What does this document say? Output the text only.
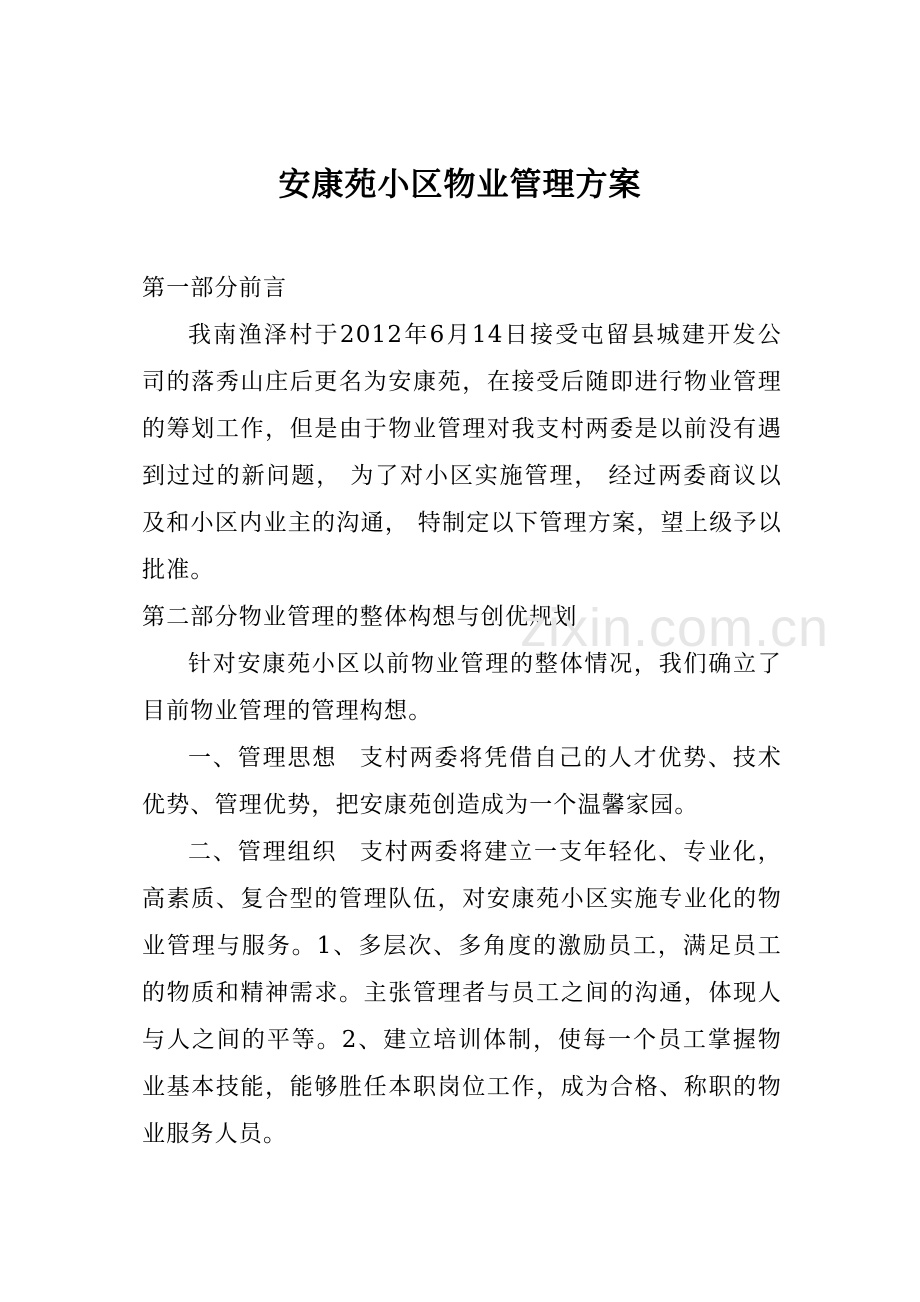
安康苑小区物业管理方案

第一部分前言

我南渔泽村于2012年6月14日接受屯留县城建开发公司的落秀山庄后更名为安康苑，在接受后随即进行物业管理的筹划工作，但是由于物业管理对我支村两委是以前没有遇到过过的新问题， 为了对小区实施管理， 经过两委商议以及和小区内业主的沟通， 特制定以下管理方案，望上级予以批准。

第二部分物业管理的整体构想与创优规划

针对安康苑小区以前物业管理的整体情况，我们确立了目前物业管理的管理构想。

一、管理思想 支村两委将凭借自己的人才优势、技术优势、管理优势，把安康苑创造成为一个温馨家园。

二、管理组织 支村两委将建立一支年轻化、专业化，高素质、复合型的管理队伍，对安康苑小区实施专业化的物业管理与服务。1、多层次、多角度的激励员工，满足员工的物质和精神需求。主张管理者与员工之间的沟通，体现人与人之间的平等。2、建立培训体制，使每一个员工掌握物业基本技能，能够胜任本职岗位工作，成为合格、称职的物业服务人员。

zixin.com.cn
